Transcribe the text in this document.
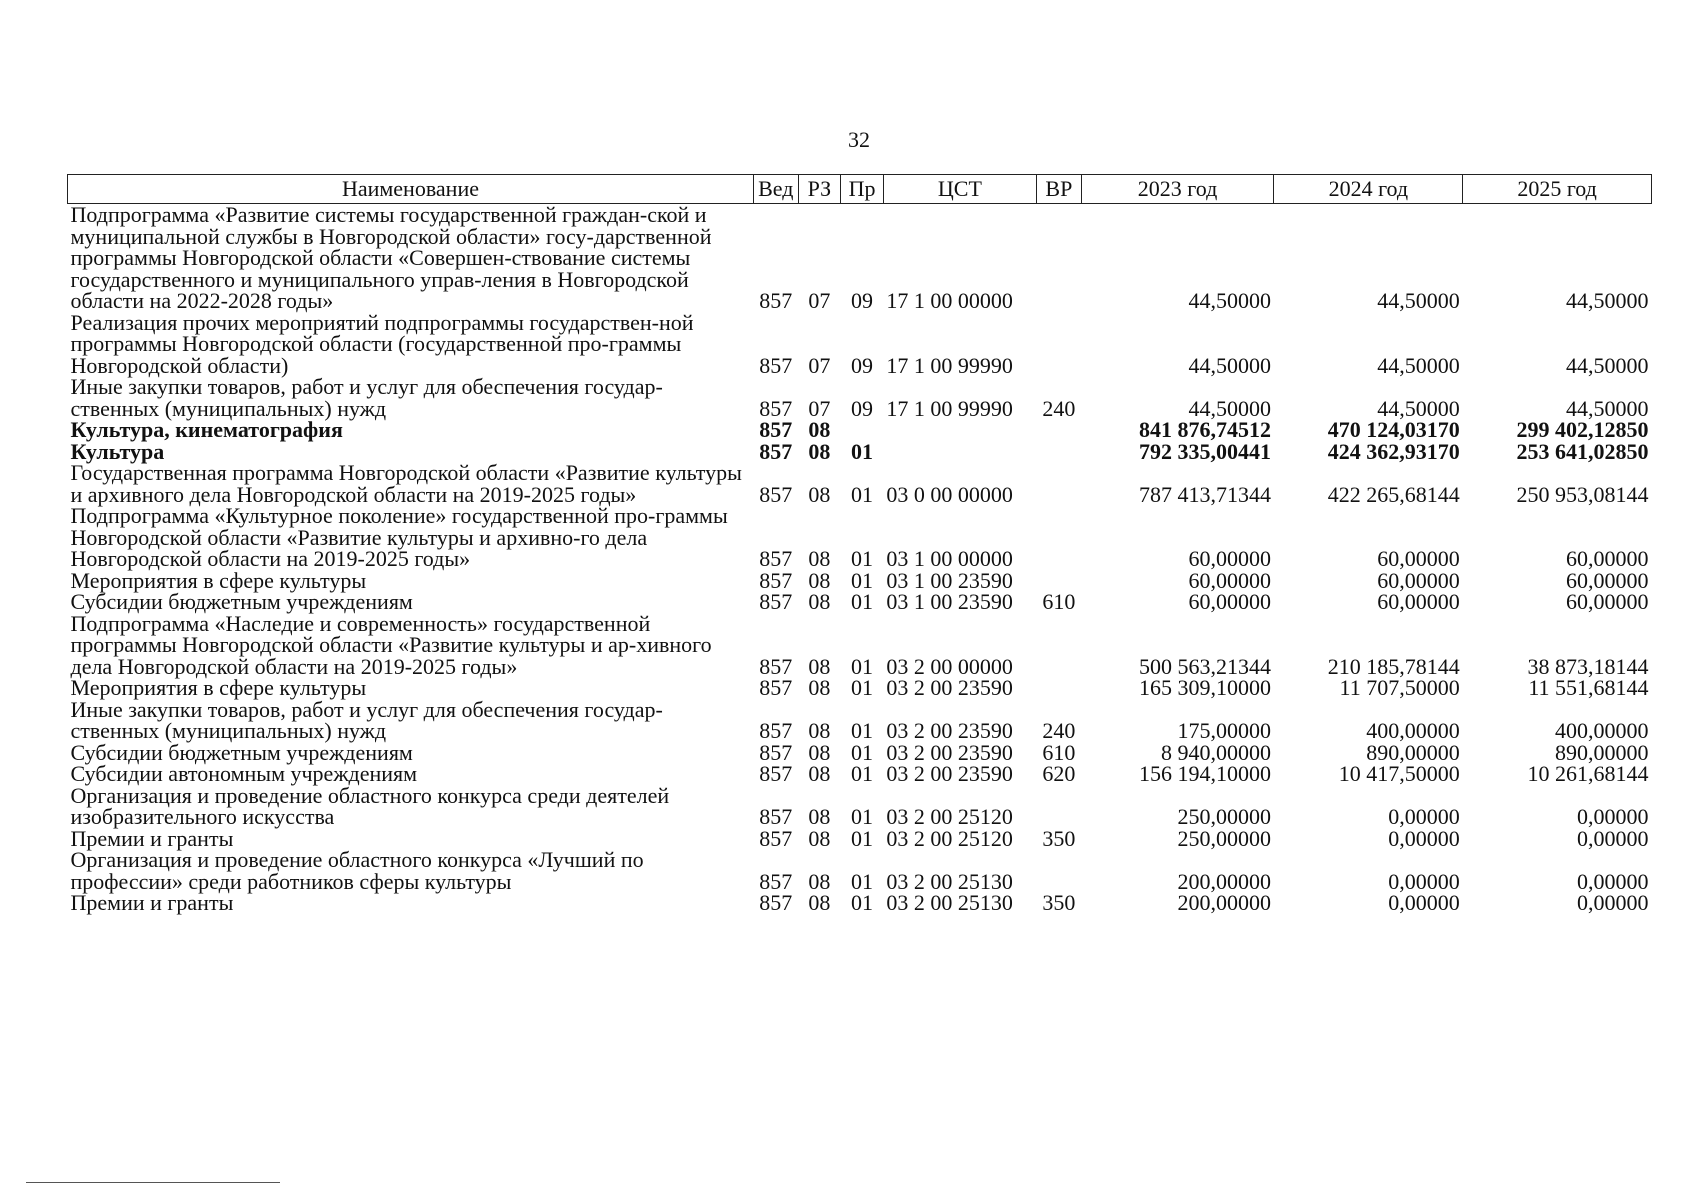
32
Наименование	Вед	РЗ	Пр	ЦСТ	ВР	2023 год	2024 год	2025 год
Подпрограмма «Развитие системы государственной граждан-ской и муниципальной службы в Новгородской области» госу-дарственной программы Новгородской области «Совершен-ствование системы государственного и муниципального управ-ления в Новгородской области на 2022-2028 годы»	857	07	09	17 1 00 00000		44,50000	44,50000	44,50000
Реализация прочих мероприятий подпрограммы государствен-ной программы Новгородской области (государственной про-граммы Новгородской области)	857	07	09	17 1 00 99990		44,50000	44,50000	44,50000
Иные закупки товаров, работ и услуг для обеспечения государ-ственных (муниципальных) нужд	857	07	09	17 1 00 99990	240	44,50000	44,50000	44,50000
Культура, кинематография	857	08				841 876,74512	470 124,03170	299 402,12850
Культура	857	08	01			792 335,00441	424 362,93170	253 641,02850
Государственная программа Новгородской области «Развитие культуры и архивного дела Новгородской области на 2019-2025 годы»	857	08	01	03 0 00 00000		787 413,71344	422 265,68144	250 953,08144
Подпрограмма «Культурное поколение» государственной про-граммы Новгородской области «Развитие культуры и архивно-го дела Новгородской области на 2019-2025 годы»	857	08	01	03 1 00 00000		60,00000	60,00000	60,00000
Мероприятия в сфере культуры	857	08	01	03 1 00 23590		60,00000	60,00000	60,00000
Субсидии бюджетным учреждениям	857	08	01	03 1 00 23590	610	60,00000	60,00000	60,00000
Подпрограмма «Наследие и современность» государственной программы Новгородской области «Развитие культуры и ар-хивного дела Новгородской области на 2019-2025 годы»	857	08	01	03 2 00 00000		500 563,21344	210 185,78144	38 873,18144
Мероприятия в сфере культуры	857	08	01	03 2 00 23590		165 309,10000	11 707,50000	11 551,68144
Иные закупки товаров, работ и услуг для обеспечения государ-ственных (муниципальных) нужд	857	08	01	03 2 00 23590	240	175,00000	400,00000	400,00000
Субсидии бюджетным учреждениям	857	08	01	03 2 00 23590	610	8 940,00000	890,00000	890,00000
Субсидии автономным учреждениям	857	08	01	03 2 00 23590	620	156 194,10000	10 417,50000	10 261,68144
Организация и проведение областного конкурса среди деятелей изобразительного искусства	857	08	01	03 2 00 25120		250,00000	0,00000	0,00000
Премии и гранты	857	08	01	03 2 00 25120	350	250,00000	0,00000	0,00000
Организация и проведение областного конкурса «Лучший по профессии» среди работников сферы культуры	857	08	01	03 2 00 25130		200,00000	0,00000	0,00000
Премии и гранты	857	08	01	03 2 00 25130	350	200,00000	0,00000	0,00000
